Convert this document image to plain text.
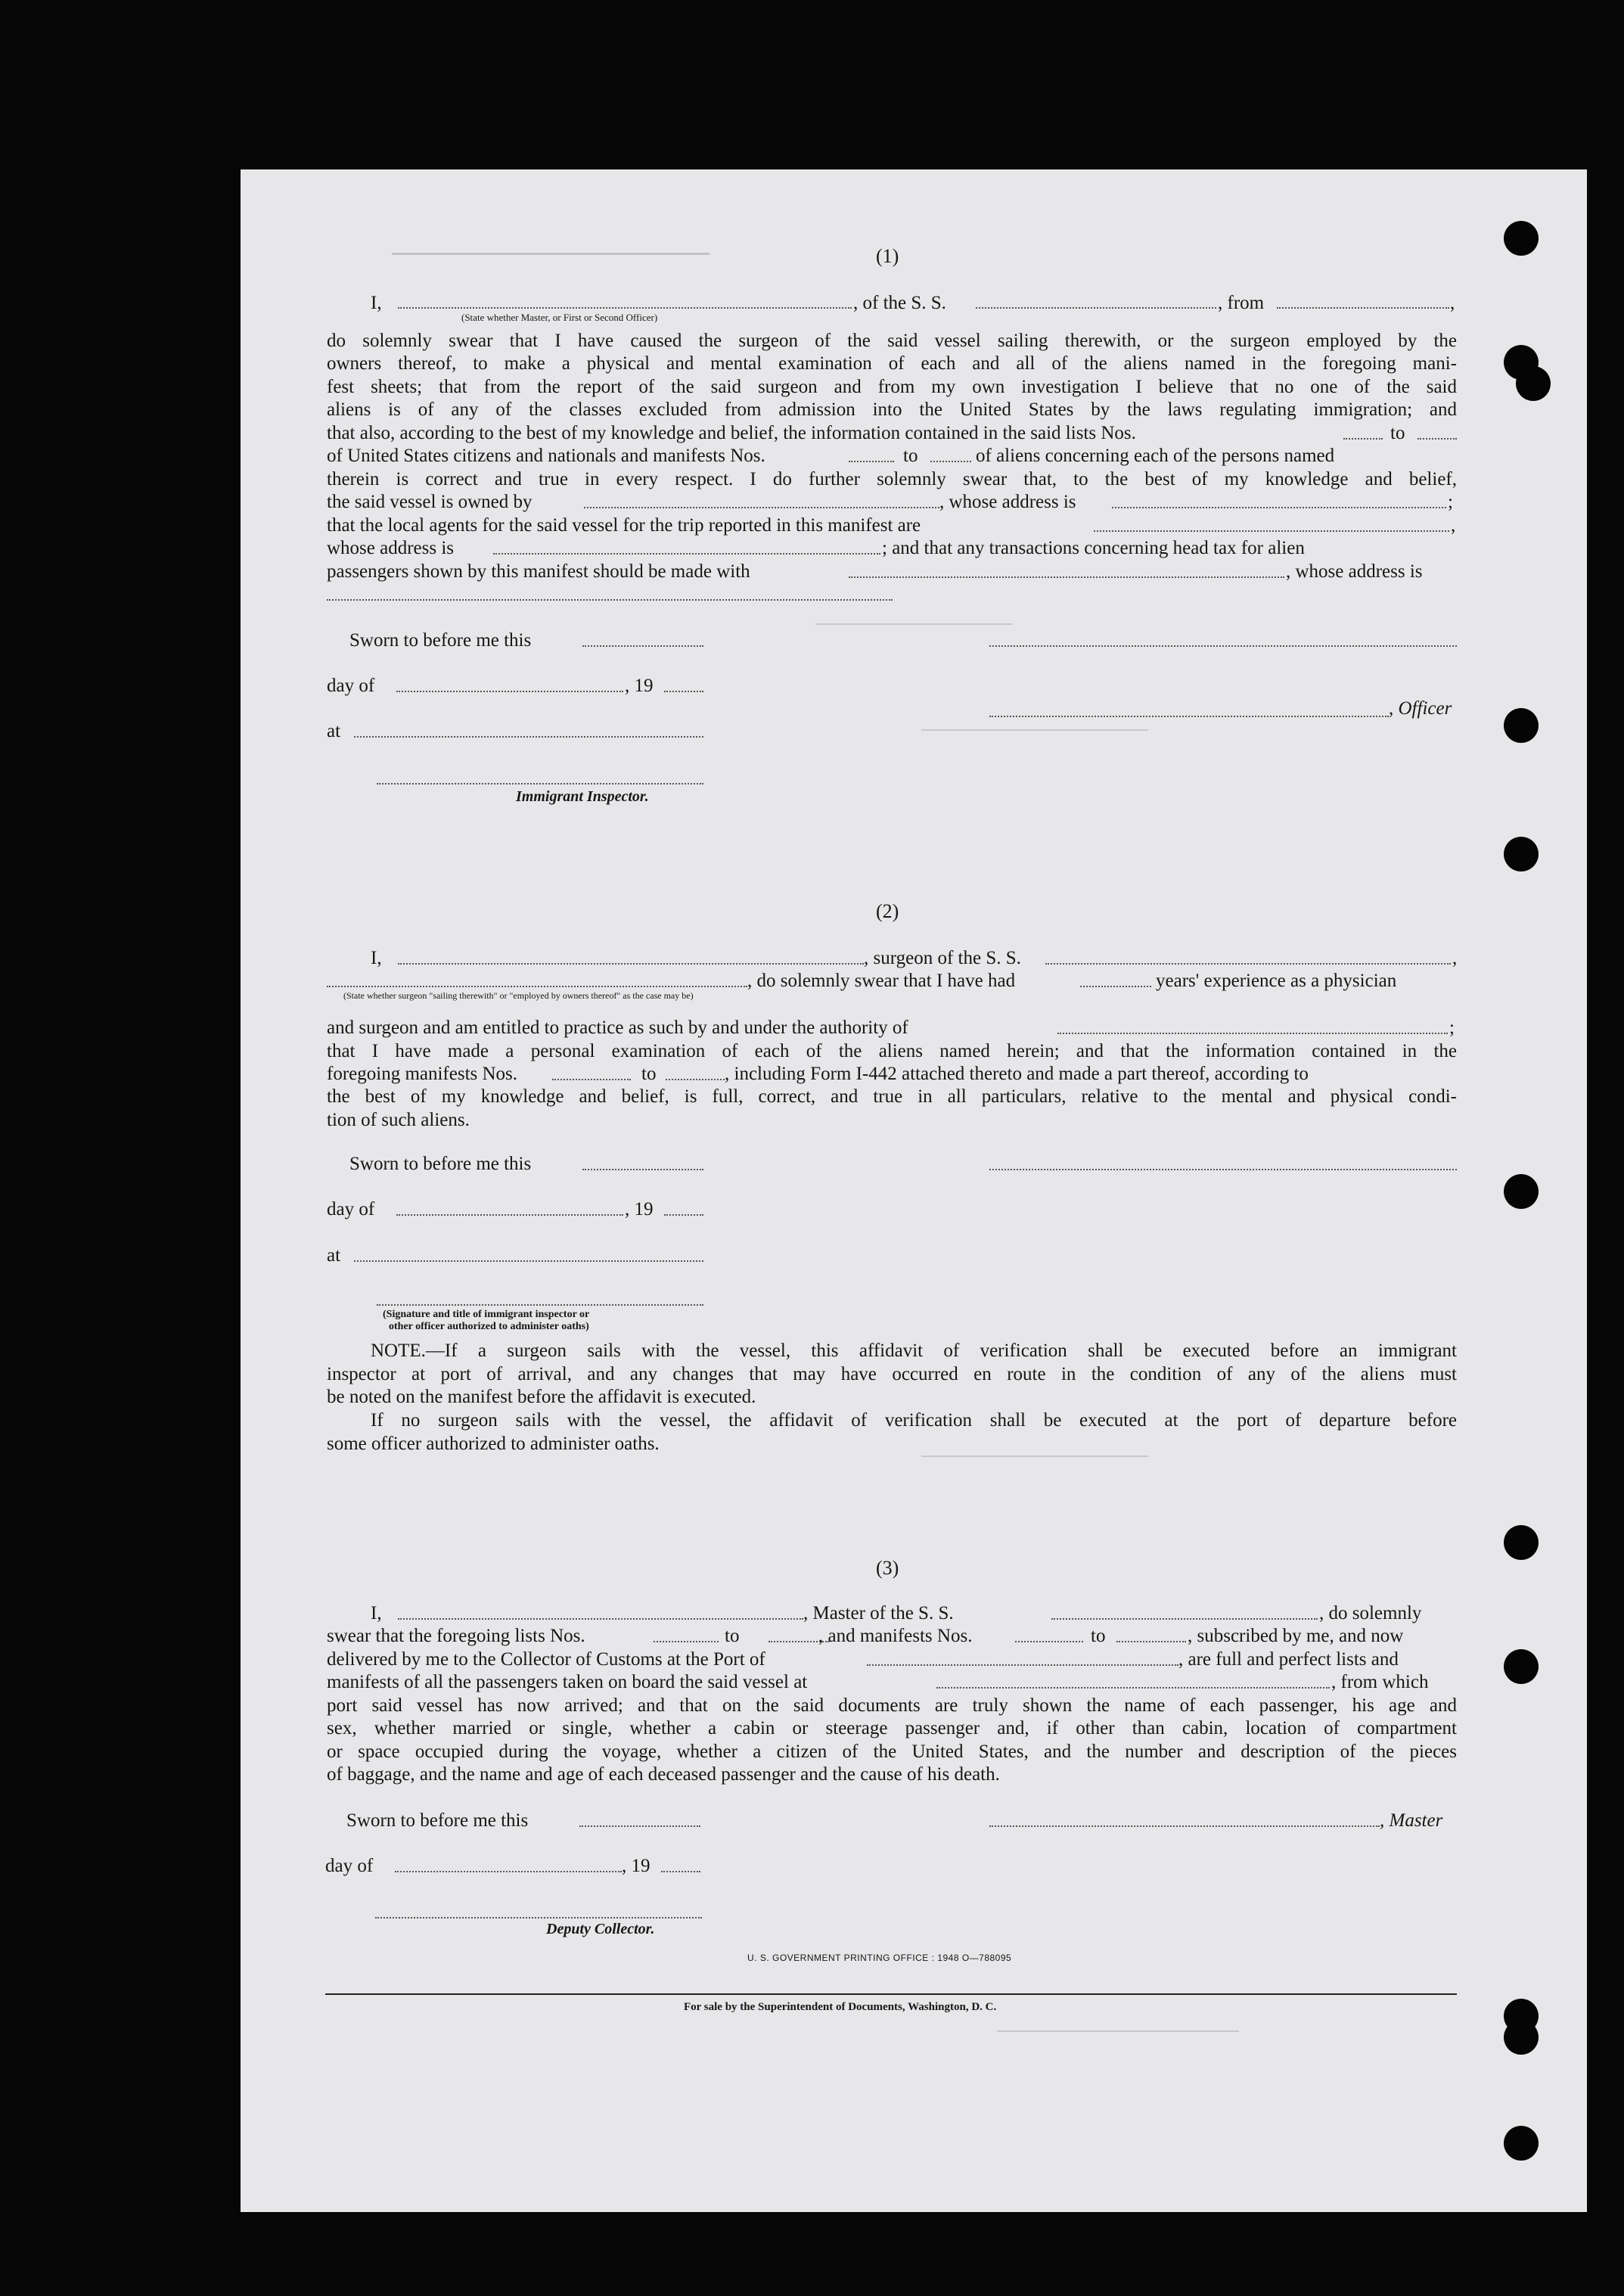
(1)
I,	, of the S. S.	, from	,
(State whether Master, or First or Second Officer)
do solemnly swear that I have caused the surgeon of the said vessel sailing therewith, or the surgeon employed by the
owners thereof, to make a physical and mental examination of each and all of the aliens named in the foregoing mani-
fest sheets; that from the report of the said surgeon and from my own investigation I believe that no one of the said
aliens is of any of the classes excluded from admission into the United States by the laws regulating immigration; and
that also, according to the best of my knowledge and belief, the information contained in the said lists Nos.	to
of United States citizens and nationals and manifests Nos.	to	of aliens concerning each of the persons named
therein is correct and true in every respect. I do further solemnly swear that, to the best of my knowledge and belief,
the said vessel is owned by	, whose address is	;
that the local agents for the said vessel for the trip reported in this manifest are	,
whose address is	; and that any transactions concerning head tax for alien
passengers shown by this manifest should be made with	, whose address is
Sworn to before me this
day of	, 19
, Officer
at
Immigrant Inspector.
(2)
I,	, surgeon of the S. S.	,
, do solemnly swear that I have had	years' experience as a physician
(State whether surgeon "sailing therewith" or "employed by owners thereof" as the case may be)
and surgeon and am entitled to practice as such by and under the authority of	;
that I have made a personal examination of each of the aliens named herein; and that the information contained in the
foregoing manifests Nos.	to	, including Form I-442 attached thereto and made a part thereof, according to
the best of my knowledge and belief, is full, correct, and true in all particulars, relative to the mental and physical condi-
tion of such aliens.
Sworn to before me this
day of	, 19
at
(Signature and title of immigrant inspector or
other officer authorized to administer oaths)
NOTE.—If a surgeon sails with the vessel, this affidavit of verification shall be executed before an immigrant
inspector at port of arrival, and any changes that may have occurred en route in the condition of any of the aliens must
be noted on the manifest before the affidavit is executed.
If no surgeon sails with the vessel, the affidavit of verification shall be executed at the port of departure before
some officer authorized to administer oaths.
(3)
I,	, Master of the S. S.	, do solemnly
swear that the foregoing lists Nos.	to	, and manifests Nos.	to	, subscribed by me, and now
delivered by me to the Collector of Customs at the Port of	, are full and perfect lists and
manifests of all the passengers taken on board the said vessel at	, from which
port said vessel has now arrived; and that on the said documents are truly shown the name of each passenger, his age and
sex, whether married or single, whether a cabin or steerage passenger and, if other than cabin, location of compartment
or space occupied during the voyage, whether a citizen of the United States, and the number and description of the pieces
of baggage, and the name and age of each deceased passenger and the cause of his death.
Sworn to before me this	, Master
day of	, 19
Deputy Collector.
U. S. GOVERNMENT PRINTING OFFICE : 1948 O—788095
For sale by the Superintendent of Documents, Washington, D. C.
